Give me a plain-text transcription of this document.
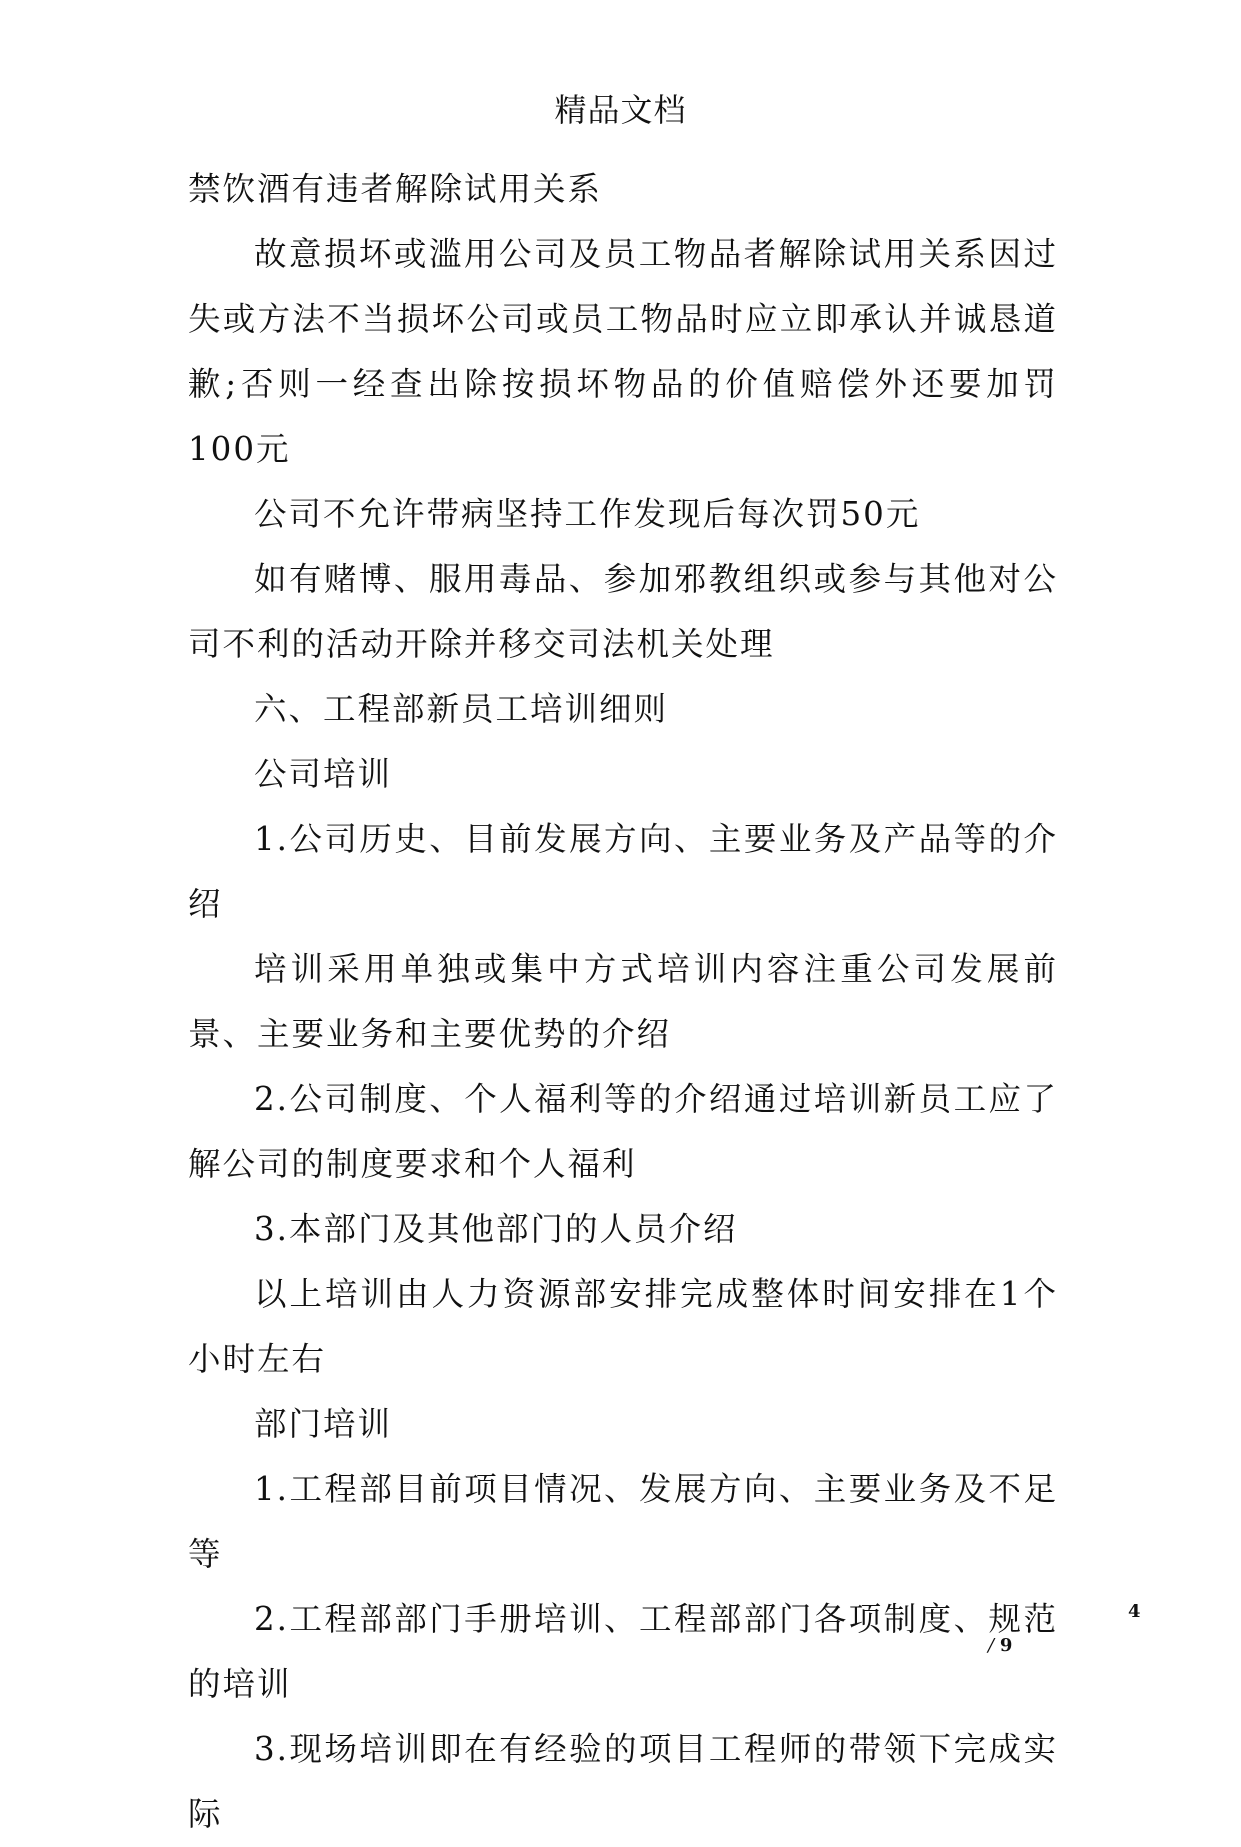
精品文档

禁饮酒有违者解除试用关系

故意损坏或滥用公司及员工物品者解除试用关系因过失或方法不当损坏公司或员工物品时应立即承认并诚恳道歉;否则一经查出除按损坏物品的价值赔偿外还要加罚100元

公司不允许带病坚持工作发现后每次罚50元

如有赌博、服用毒品、参加邪教组织或参与其他对公司不利的活动开除并移交司法机关处理

六、工程部新员工培训细则

公司培训

1.公司历史、目前发展方向、主要业务及产品等的介绍

培训采用单独或集中方式培训内容注重公司发展前景、主要业务和主要优势的介绍

2.公司制度、个人福利等的介绍通过培训新员工应了解公司的制度要求和个人福利

3.本部门及其他部门的人员介绍

以上培训由人力资源部安排完成整体时间安排在1个小时左右

部门培训

1.工程部目前项目情况、发展方向、主要业务及不足等

2.工程部部门手册培训、工程部部门各项制度、规范的培训

3.现场培训即在有经验的项目工程师的带领下完成实际

4
/ 9
